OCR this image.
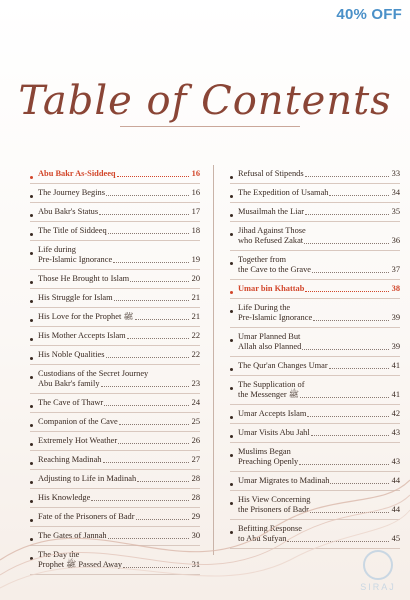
Table of Contents
Abu Bakr As-Siddeeq	16
The Journey Begins	16
Abu Bakr's Status	17
The Title of Siddeeq	18
Life during
Pre-Islamic Ignorance	19
Those He Brought to Islam	20
His Struggle for Islam	21
His Love for the Prophet ﷺ	21
His Mother Accepts Islam	22
His Noble Qualities	22
Custodians of the Secret Journey
Abu Bakr's family	23
The Cave of Thawr	24
Companion of the Cave	25
Extremely Hot Weather	26
Reaching Madinah	27
Adjusting to Life in Madinah	28
His Knowledge	28
Fate of the Prisoners of Badr	29
The Gates of Jannah	30
The Day the
Prophet ﷺ Passed Away	31
Refusal of Stipends	33
The Expedition of Usamah	34
Musailmah the Liar	35
Jihad Against Those
who Refused Zakat	36
Together from
the Cave to the Grave	37
Umar bin Khattab	38
Life During the
Pre-Islamic Ignorance	39
Umar Planned But
Allah also Planned	39
The Qur'an Changes Umar	41
The Supplication of
the Messenger ﷺ	41
Umar Accepts Islam	42
Umar Visits Abu Jahl	43
Muslims Began
Preaching Openly	43
Umar Migrates to Madinah	44
His View Concerning
the Prisoners of Badr	44
Befitting Response
to Abu Sufyan	45
SIRAJ
40% OFF
